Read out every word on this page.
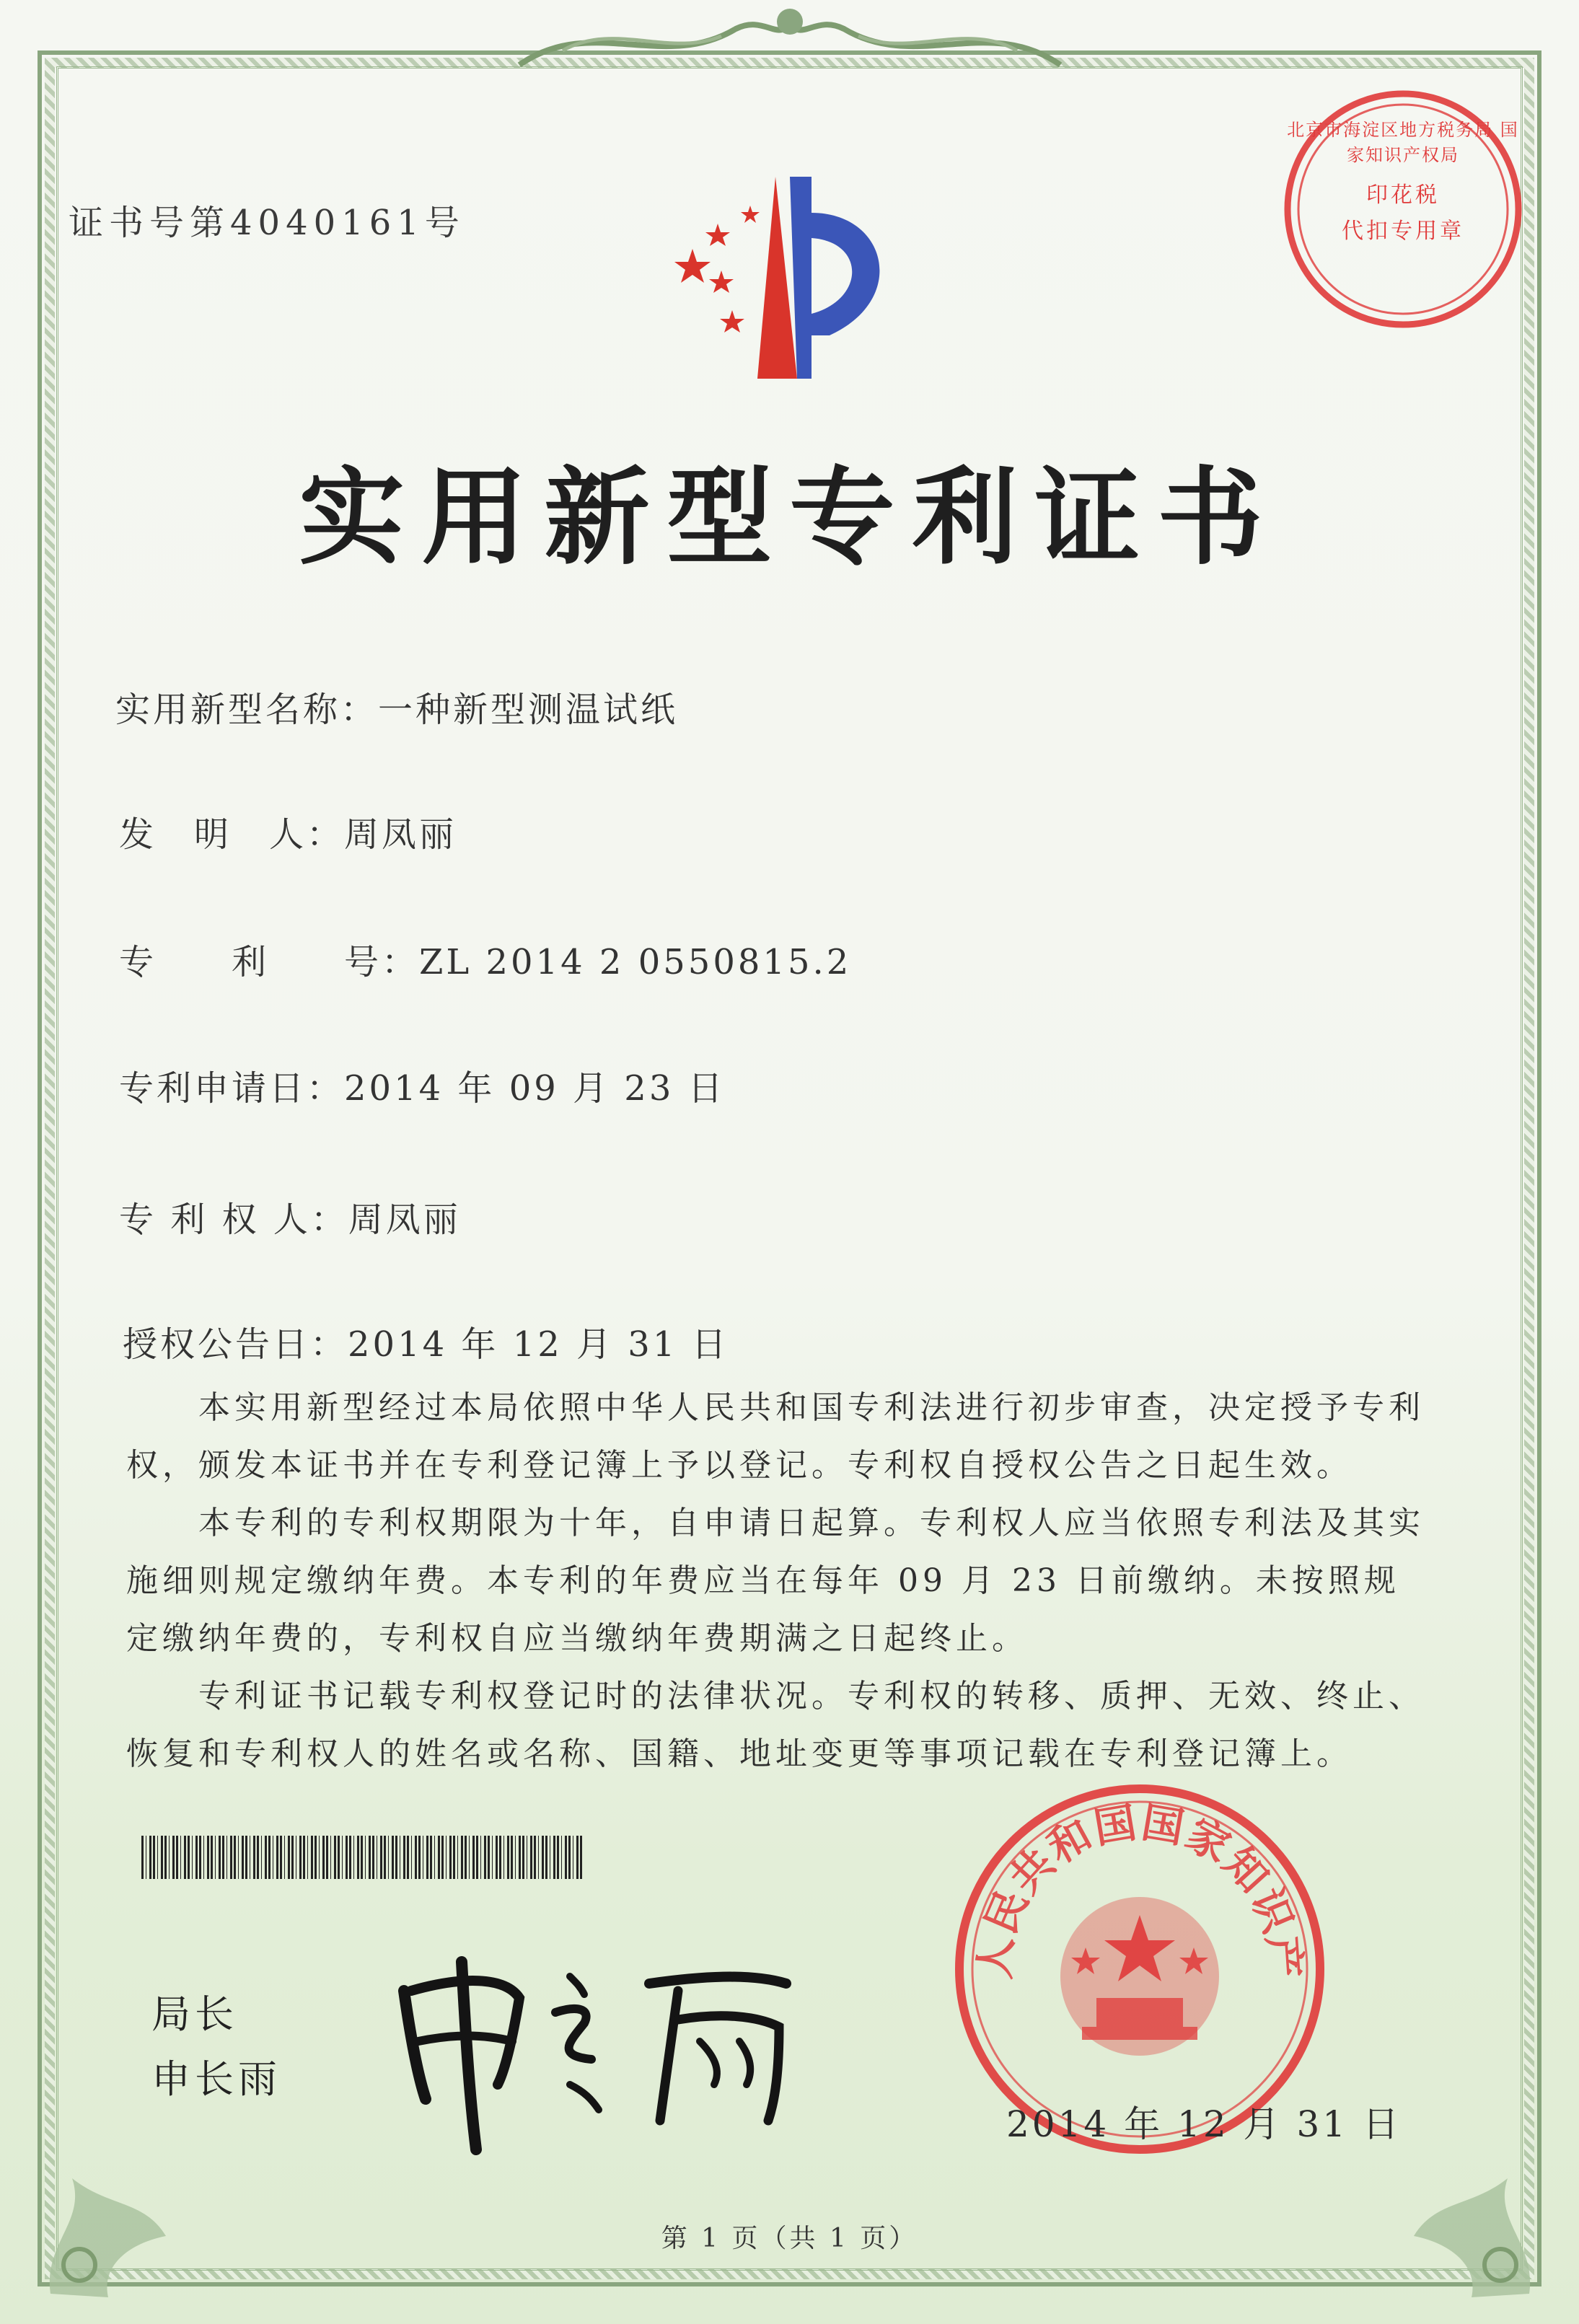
证书号第4040161号
北京市海淀区地方税务局 国家知识产权局
印花税
代扣专用章
实用新型专利证书
实用新型名称：一种新型测温试纸
发　明　人：周凤丽
专　　利　　号：ZL 2014 2 0550815.2
专利申请日：2014 年 09 月 23 日
专 利 权 人：周凤丽
授权公告日：2014 年 12 月 31 日
本实用新型经过本局依照中华人民共和国专利法进行初步审查，决定授予专利权，颁发本证书并在专利登记簿上予以登记。专利权自授权公告之日起生效。
本专利的专利权期限为十年，自申请日起算。专利权人应当依照专利法及其实施细则规定缴纳年费。本专利的年费应当在每年 09 月 23 日前缴纳。未按照规定缴纳年费的，专利权自应当缴纳年费期满之日起终止。
专利证书记载专利权登记时的法律状况。专利权的转移、质押、无效、终止、恢复和专利权人的姓名或名称、国籍、地址变更等事项记载在专利登记簿上。
局长
申长雨
人民共和国国家知识产
2014 年 12 月 31 日
第 1 页（共 1 页）
